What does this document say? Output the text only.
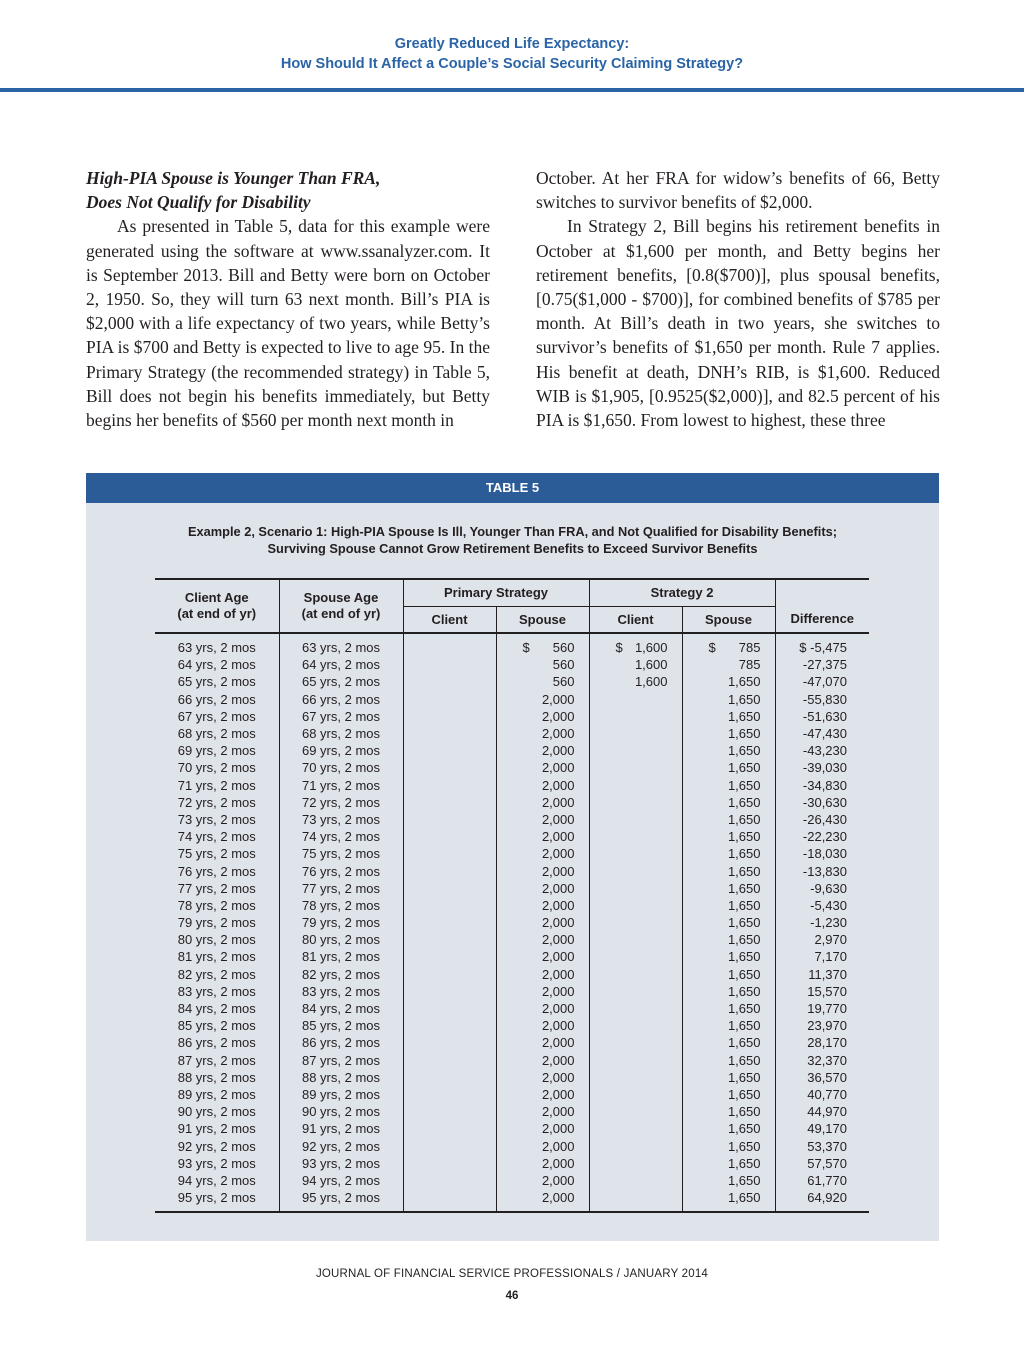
Greatly Reduced Life Expectancy:
How Should It Affect a Couple’s Social Security Claiming Strategy?

High-PIA Spouse is Younger Than FRA,
Does Not Qualify for Disability

As presented in Table 5, data for this example were generated using the software at www.ssanalyzer.com. It is September 2013. Bill and Betty were born on October 2, 1950. So, they will turn 63 next month. Bill’s PIA is $2,000 with a life expectancy of two years, while Betty’s PIA is $700 and Betty is expected to live to age 95. In the Primary Strategy (the recommended strategy) in Table 5, Bill does not begin his benefits immediately, but Betty begins her benefits of $560 per month next month in

October. At her FRA for widow’s benefits of 66, Betty switches to survivor benefits of $2,000.

In Strategy 2, Bill begins his retirement benefits in October at $1,600 per month, and Betty begins her retirement benefits, [0.8($700)], plus spousal benefits, [0.75($1,000 - $700)], for combined benefits of $785 per month. At Bill’s death in two years, she switches to survivor’s benefits of $1,650 per month. Rule 7 applies. His benefit at death, DNH’s RIB, is $1,600. Reduced WIB is $1,905, [0.9525($2,000)], and 82.5 percent of his PIA is $1,650. From lowest to highest, these three

TABLE 5
Example 2, Scenario 1: High-PIA Spouse Is Ill, Younger Than FRA, and Not Qualified for Disability Benefits;
Surviving Spouse Cannot Grow Retirement Benefits to Exceed Survivor Benefits
Client Age
(at end of yr)	Spouse Age
(at end of yr)	Primary Strategy		Strategy 2		
		Client	Spouse	Client	Spouse	Difference
63 yrs, 2 mos	63 yrs, 2 mos		$ 560	$ 1,600	$ 785	$ -5,475
64 yrs, 2 mos	64 yrs, 2 mos		560	1,600	785	-27,375
65 yrs, 2 mos	65 yrs, 2 mos		560	1,600	1,650	-47,070
66 yrs, 2 mos	66 yrs, 2 mos		2,000		1,650	-55,830
67 yrs, 2 mos	67 yrs, 2 mos		2,000		1,650	-51,630
68 yrs, 2 mos	68 yrs, 2 mos		2,000		1,650	-47,430
69 yrs, 2 mos	69 yrs, 2 mos		2,000		1,650	-43,230
70 yrs, 2 mos	70 yrs, 2 mos		2,000		1,650	-39,030
71 yrs, 2 mos	71 yrs, 2 mos		2,000		1,650	-34,830
72 yrs, 2 mos	72 yrs, 2 mos		2,000		1,650	-30,630
73 yrs, 2 mos	73 yrs, 2 mos		2,000		1,650	-26,430
74 yrs, 2 mos	74 yrs, 2 mos		2,000		1,650	-22,230
75 yrs, 2 mos	75 yrs, 2 mos		2,000		1,650	-18,030
76 yrs, 2 mos	76 yrs, 2 mos		2,000		1,650	-13,830
77 yrs, 2 mos	77 yrs, 2 mos		2,000		1,650	-9,630
78 yrs, 2 mos	78 yrs, 2 mos		2,000		1,650	-5,430
79 yrs, 2 mos	79 yrs, 2 mos		2,000		1,650	-1,230
80 yrs, 2 mos	80 yrs, 2 mos		2,000		1,650	2,970
81 yrs, 2 mos	81 yrs, 2 mos		2,000		1,650	7,170
82 yrs, 2 mos	82 yrs, 2 mos		2,000		1,650	11,370
83 yrs, 2 mos	83 yrs, 2 mos		2,000		1,650	15,570
84 yrs, 2 mos	84 yrs, 2 mos		2,000		1,650	19,770
85 yrs, 2 mos	85 yrs, 2 mos		2,000		1,650	23,970
86 yrs, 2 mos	86 yrs, 2 mos		2,000		1,650	28,170
87 yrs, 2 mos	87 yrs, 2 mos		2,000		1,650	32,370
88 yrs, 2 mos	88 yrs, 2 mos		2,000		1,650	36,570
89 yrs, 2 mos	89 yrs, 2 mos		2,000		1,650	40,770
90 yrs, 2 mos	90 yrs, 2 mos		2,000		1,650	44,970
91 yrs, 2 mos	91 yrs, 2 mos		2,000		1,650	49,170
92 yrs, 2 mos	92 yrs, 2 mos		2,000		1,650	53,370
93 yrs, 2 mos	93 yrs, 2 mos		2,000		1,650	57,570
94 yrs, 2 mos	94 yrs, 2 mos		2,000		1,650	61,770
95 yrs, 2 mos	95 yrs, 2 mos		2,000		1,650	64,920
JOURNAL OF FINANCIAL SERVICE PROFESSIONALS / JANUARY 2014
46
